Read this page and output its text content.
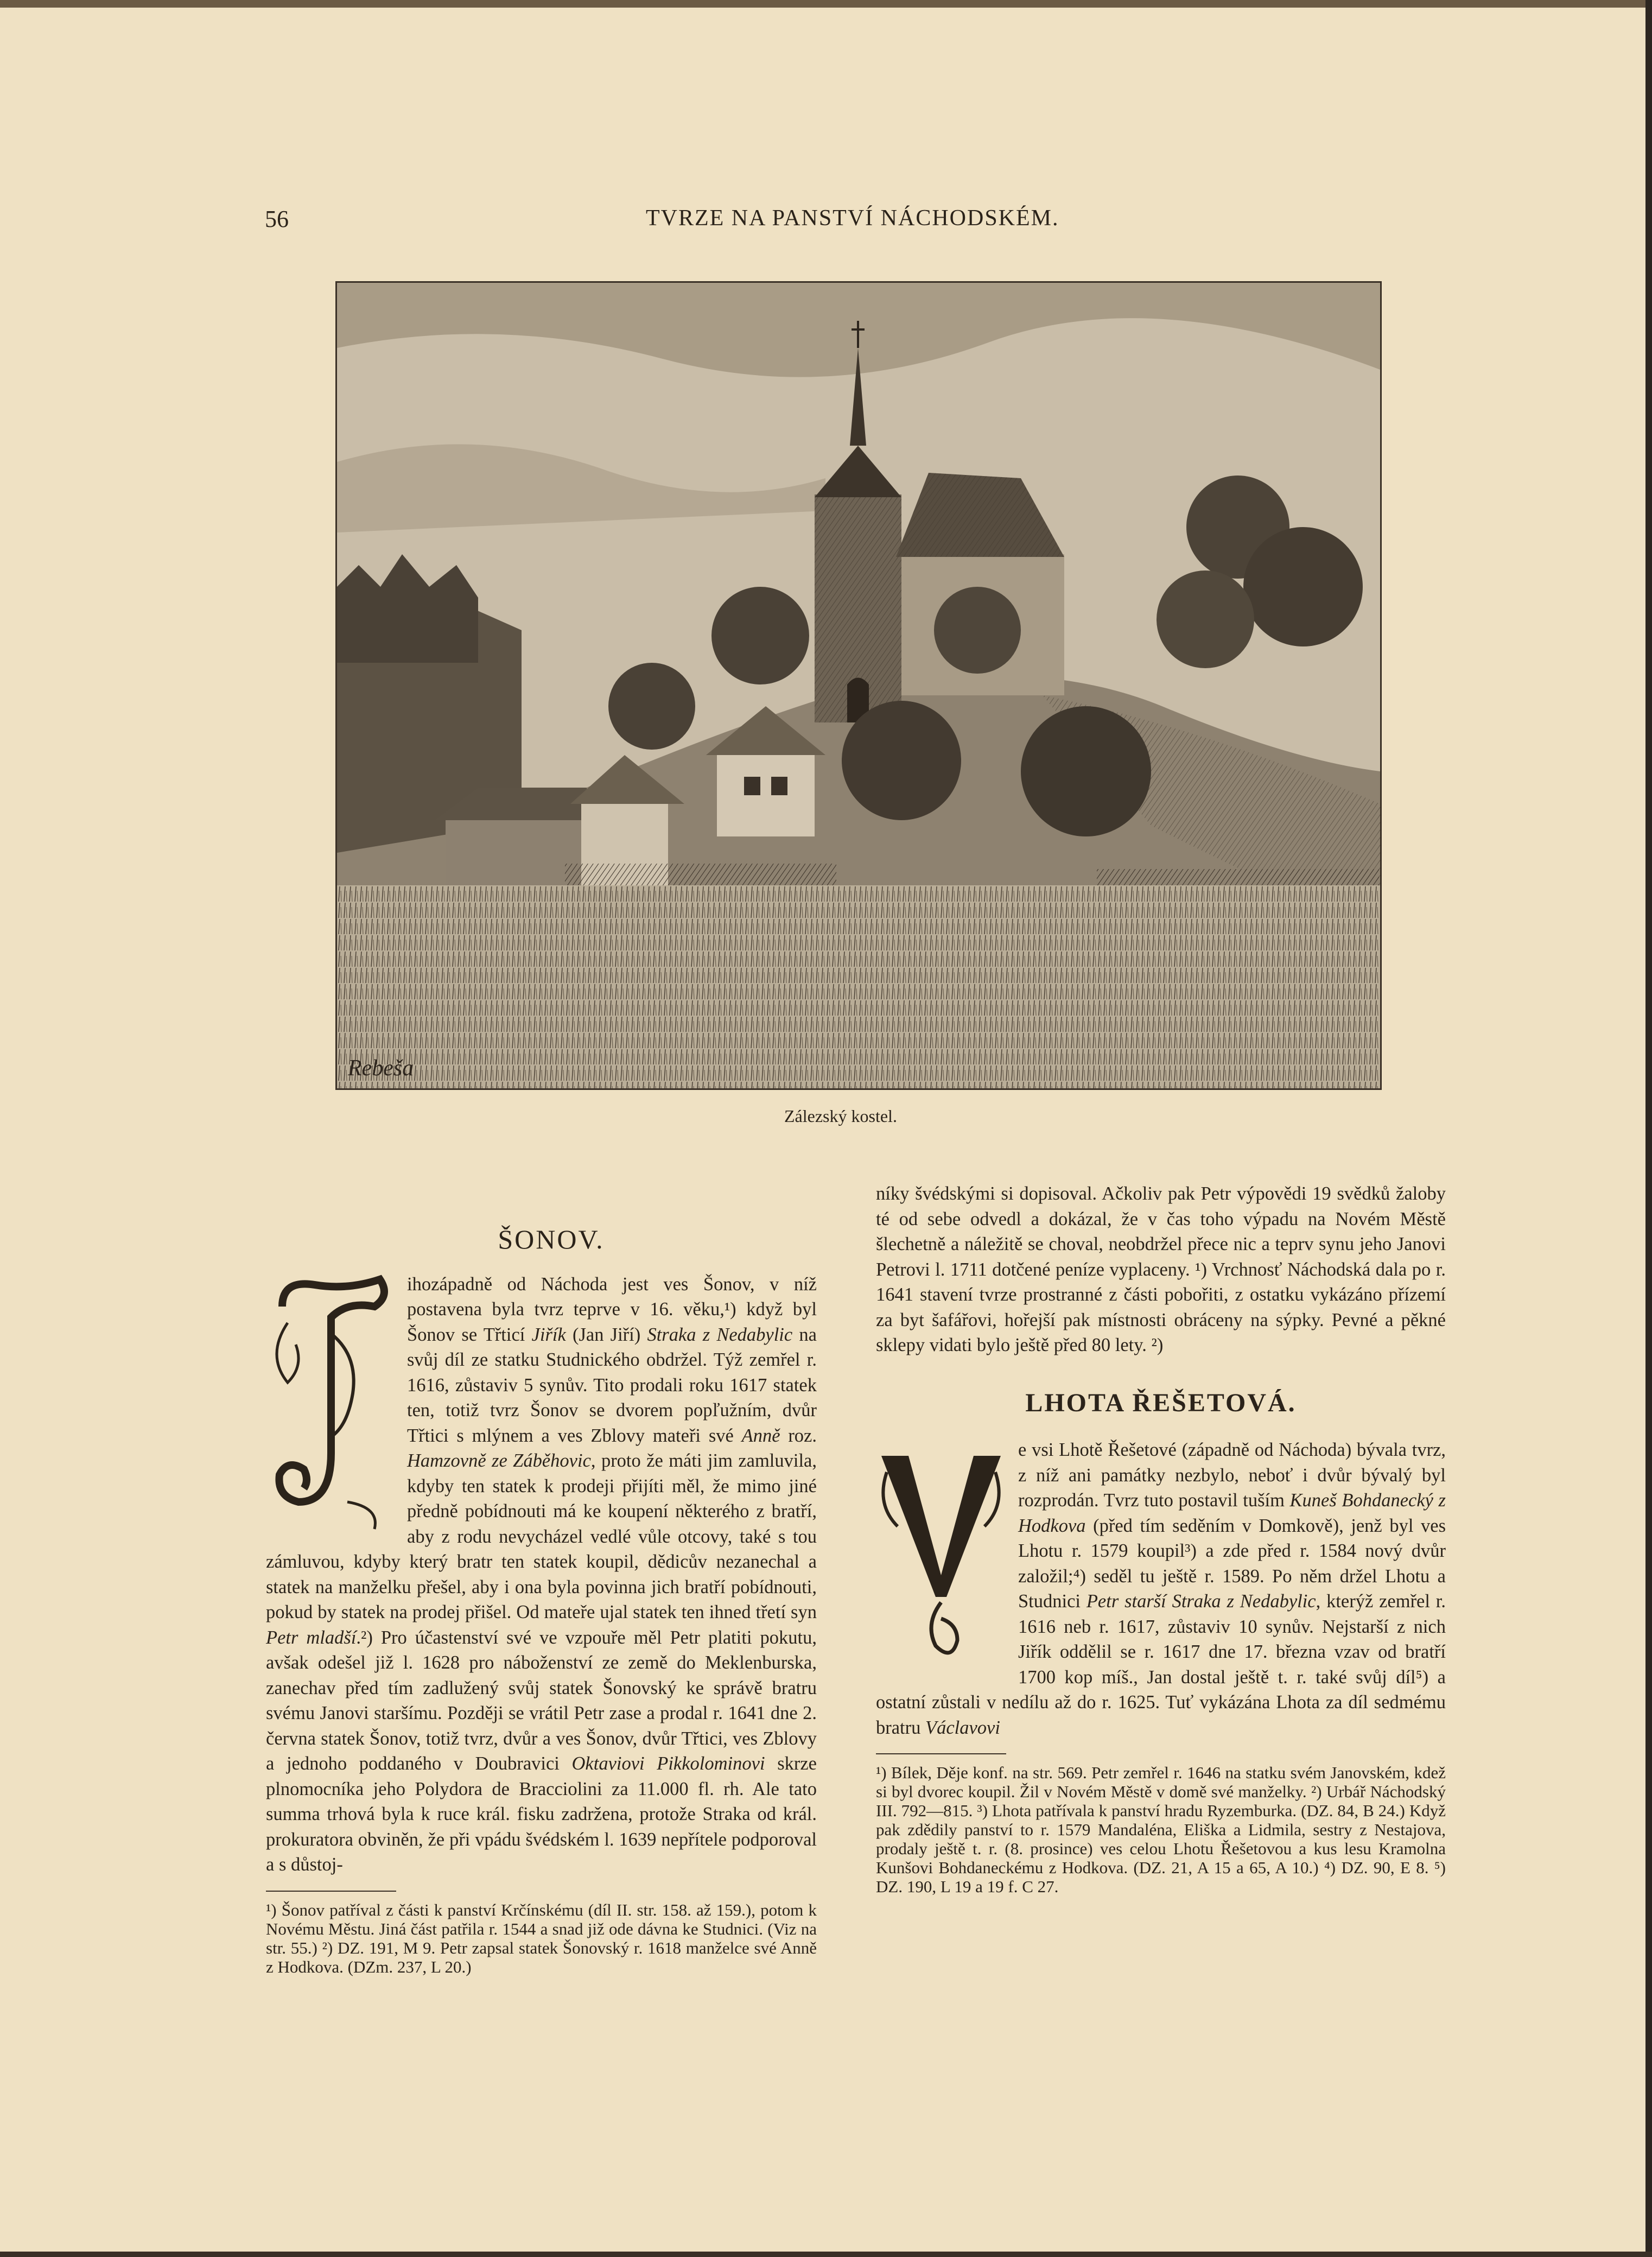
56	TVRZE NA PANSTVÍ NÁCHODSKÉM.
Rebeša
Zálezský kostel.
ŠONOV.
J

ihozápadně od Náchoda jest ves Šonov, v níž postavena byla tvrz teprve v 16. věku,¹) když byl Šonov se Třticí Jiřík (Jan Jiří) Straka z Nedabylic na svůj díl ze statku Studnického obdržel. Týž zemřel r. 1616, zůstaviv 5 synův. Tito prodali roku 1617 statek ten, totiž tvrz Šonov se dvorem popľužním, dvůr Třtici s mlýnem a ves Zblovy mateři své Anně roz. Hamzovně ze Záběhovic, proto že máti jim zamluvila, kdyby ten statek k prodeji přijíti měl, že mimo jiné předně pobídnouti má ke koupení některého z bratří, aby z rodu nevycházel vedlé vůle otcovy, také s tou zámluvou, kdyby který bratr ten statek koupil, dědicův nezanechal a statek na manželku přešel, aby i ona byla povinna jich bratří pobídnouti, pokud by statek na prodej přišel. Od mateře ujal statek ten ihned třetí syn Petr mladší.²) Pro účastenství své ve vzpouře měl Petr platiti pokutu, avšak odešel již l. 1628 pro náboženství ze země do Meklenburska, zanechav před tím zadlužený svůj statek Šonovský ke správě bratru svému Janovi staršímu. Později se vrátil Petr zase a prodal r. 1641 dne 2. června statek Šonov, totiž tvrz, dvůr a ves Šonov, dvůr Třtici, ves Zblovy a jednoho poddaného v Doubravici Oktaviovi Pikkolominovi skrze plnomocníka jeho Polydora de Bracciolini za 11.000 fl. rh. Ale tato summa trhová byla k ruce král. fisku zadržena, protože Straka od král. prokuratora obviněn, že při vpádu švédském l. 1639 nepřítele podporoval a s důstoj-

¹) Šonov patříval z části k panství Krčínskému (díl II. str. 158. až 159.), potom k Novému Městu. Jiná část patřila r. 1544 a snad již ode dávna ke Studnici. (Viz na str. 55.) ²) DZ. 191, M 9. Petr zapsal statek Šonovský r. 1618 manželce své Anně z Hodkova. (DZm. 237, L 20.)

níky švédskými si dopisoval. Ačkoliv pak Petr výpovědi 19 svědků žaloby té od sebe odvedl a dokázal, že v čas toho výpadu na Novém Městě šlechetně a náležitě se choval, neobdržel přece nic a teprv synu jeho Janovi Petrovi l. 1711 dotčené peníze vyplaceny. ¹) Vrchnosť Náchodská dala po r. 1641 stavení tvrze prostranné z části pobořiti, z ostatku vykázáno přízemí za byt šafářovi, hořejší pak místnosti obráceny na sýpky. Pevné a pěkné sklepy vidati bylo ještě před 80 lety. ²)

LHOTA ŘEŠETOVÁ.
V

e vsi Lhotě Řešetové (západně od Náchoda) bývala tvrz, z níž ani památky nezbylo, neboť i dvůr bývalý byl rozprodán. Tvrz tuto postavil tuším Kuneš Bohdanecký z Hodkova (před tím seděním v Domkově), jenž byl ves Lhotu r. 1579 koupil³) a zde před r. 1584 nový dvůr založil;⁴) seděl tu ještě r. 1589. Po něm držel Lhotu a Studnici Petr starší Straka z Nedabylic, kterýž zemřel r. 1616 neb r. 1617, zůstaviv 10 synův. Nejstarší z nich Jiřík oddělil se r. 1617 dne 17. března vzav od bratří 1700 kop míš., Jan dostal ještě t. r. také svůj díl⁵) a ostatní zůstali v nedílu až do r. 1625. Tuť vykázána Lhota za díl sedmému bratru Václavovi

¹) Bílek, Děje konf. na str. 569. Petr zemřel r. 1646 na statku svém Janovském, kdež si byl dvorec koupil. Žil v Novém Městě v domě své manželky. ²) Urbář Náchodský III. 792—815. ³) Lhota patřívala k panství hradu Ryzemburka. (DZ. 84, B 24.) Když pak zdědily panství to r. 1579 Mandaléna, Eliška a Lidmila, sestry z Nestajova, prodaly ještě t. r. (8. prosince) ves celou Lhotu Řešetovou a kus lesu Kramolna Kunšovi Bohdaneckému z Hodkova. (DZ. 21, A 15 a 65, A 10.) ⁴) DZ. 90, E 8. ⁵) DZ. 190, L 19 a 19 f. C 27.
